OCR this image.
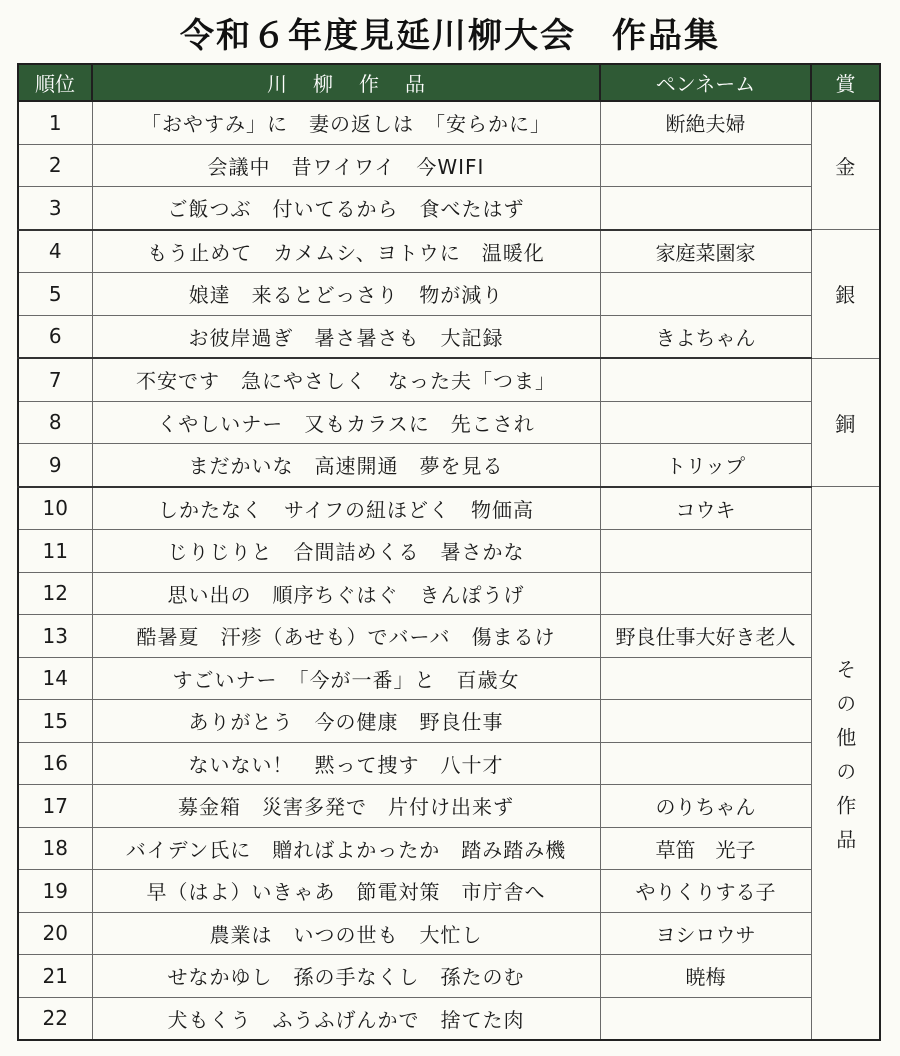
令和６年度見延川柳大会　作品集
順位	川柳作品	ペンネーム	賞
1	「おやすみ」に　妻の返しは　「安らかに」	断絶夫婦	金
2	会議中　昔ワイワイ　今WIFI		
3	ご飯つぶ　付いてるから　食べたはず		
4	もう止めて　カメムシ、ヨトウに　温暖化	家庭菜園家	銀
5	娘達　来るとどっさり　物が減り		
6	お彼岸過ぎ　暑さ暑さも　大記録	きよちゃん	
7	不安です　急にやさしく　なった夫「つま」		銅
8	くやしいナー　又もカラスに　先こされ		
9	まだかいな　高速開通　夢を見る	トリップ	
10	しかたなく　サイフの紐ほどく　物価高	コウキ	その他の作品
11	じりじりと　合間詰めくる　暑さかな		
12	思い出の　順序ちぐはぐ　きんぽうげ		
13	酷暑夏　汗疹（あせも）でバーバ　傷まるけ	野良仕事大好き老人	
14	すごいナー　「今が一番」と　百歳女		
15	ありがとう　今の健康　野良仕事		
16	ないない！　黙って捜す　八十才		
17	募金箱　災害多発で　片付け出来ず	のりちゃん	
18	バイデン氏に　贈ればよかったか　踏み踏み機	草笛　光子	
19	早（はよ）いきゃあ　節電対策　市庁舎へ	やりくりする子	
20	農業は　いつの世も　大忙し	ヨシロウサ	
21	せなかゆし　孫の手なくし　孫たのむ	暁梅	
22	犬もくう　ふうふげんかで　捨てた肉		
